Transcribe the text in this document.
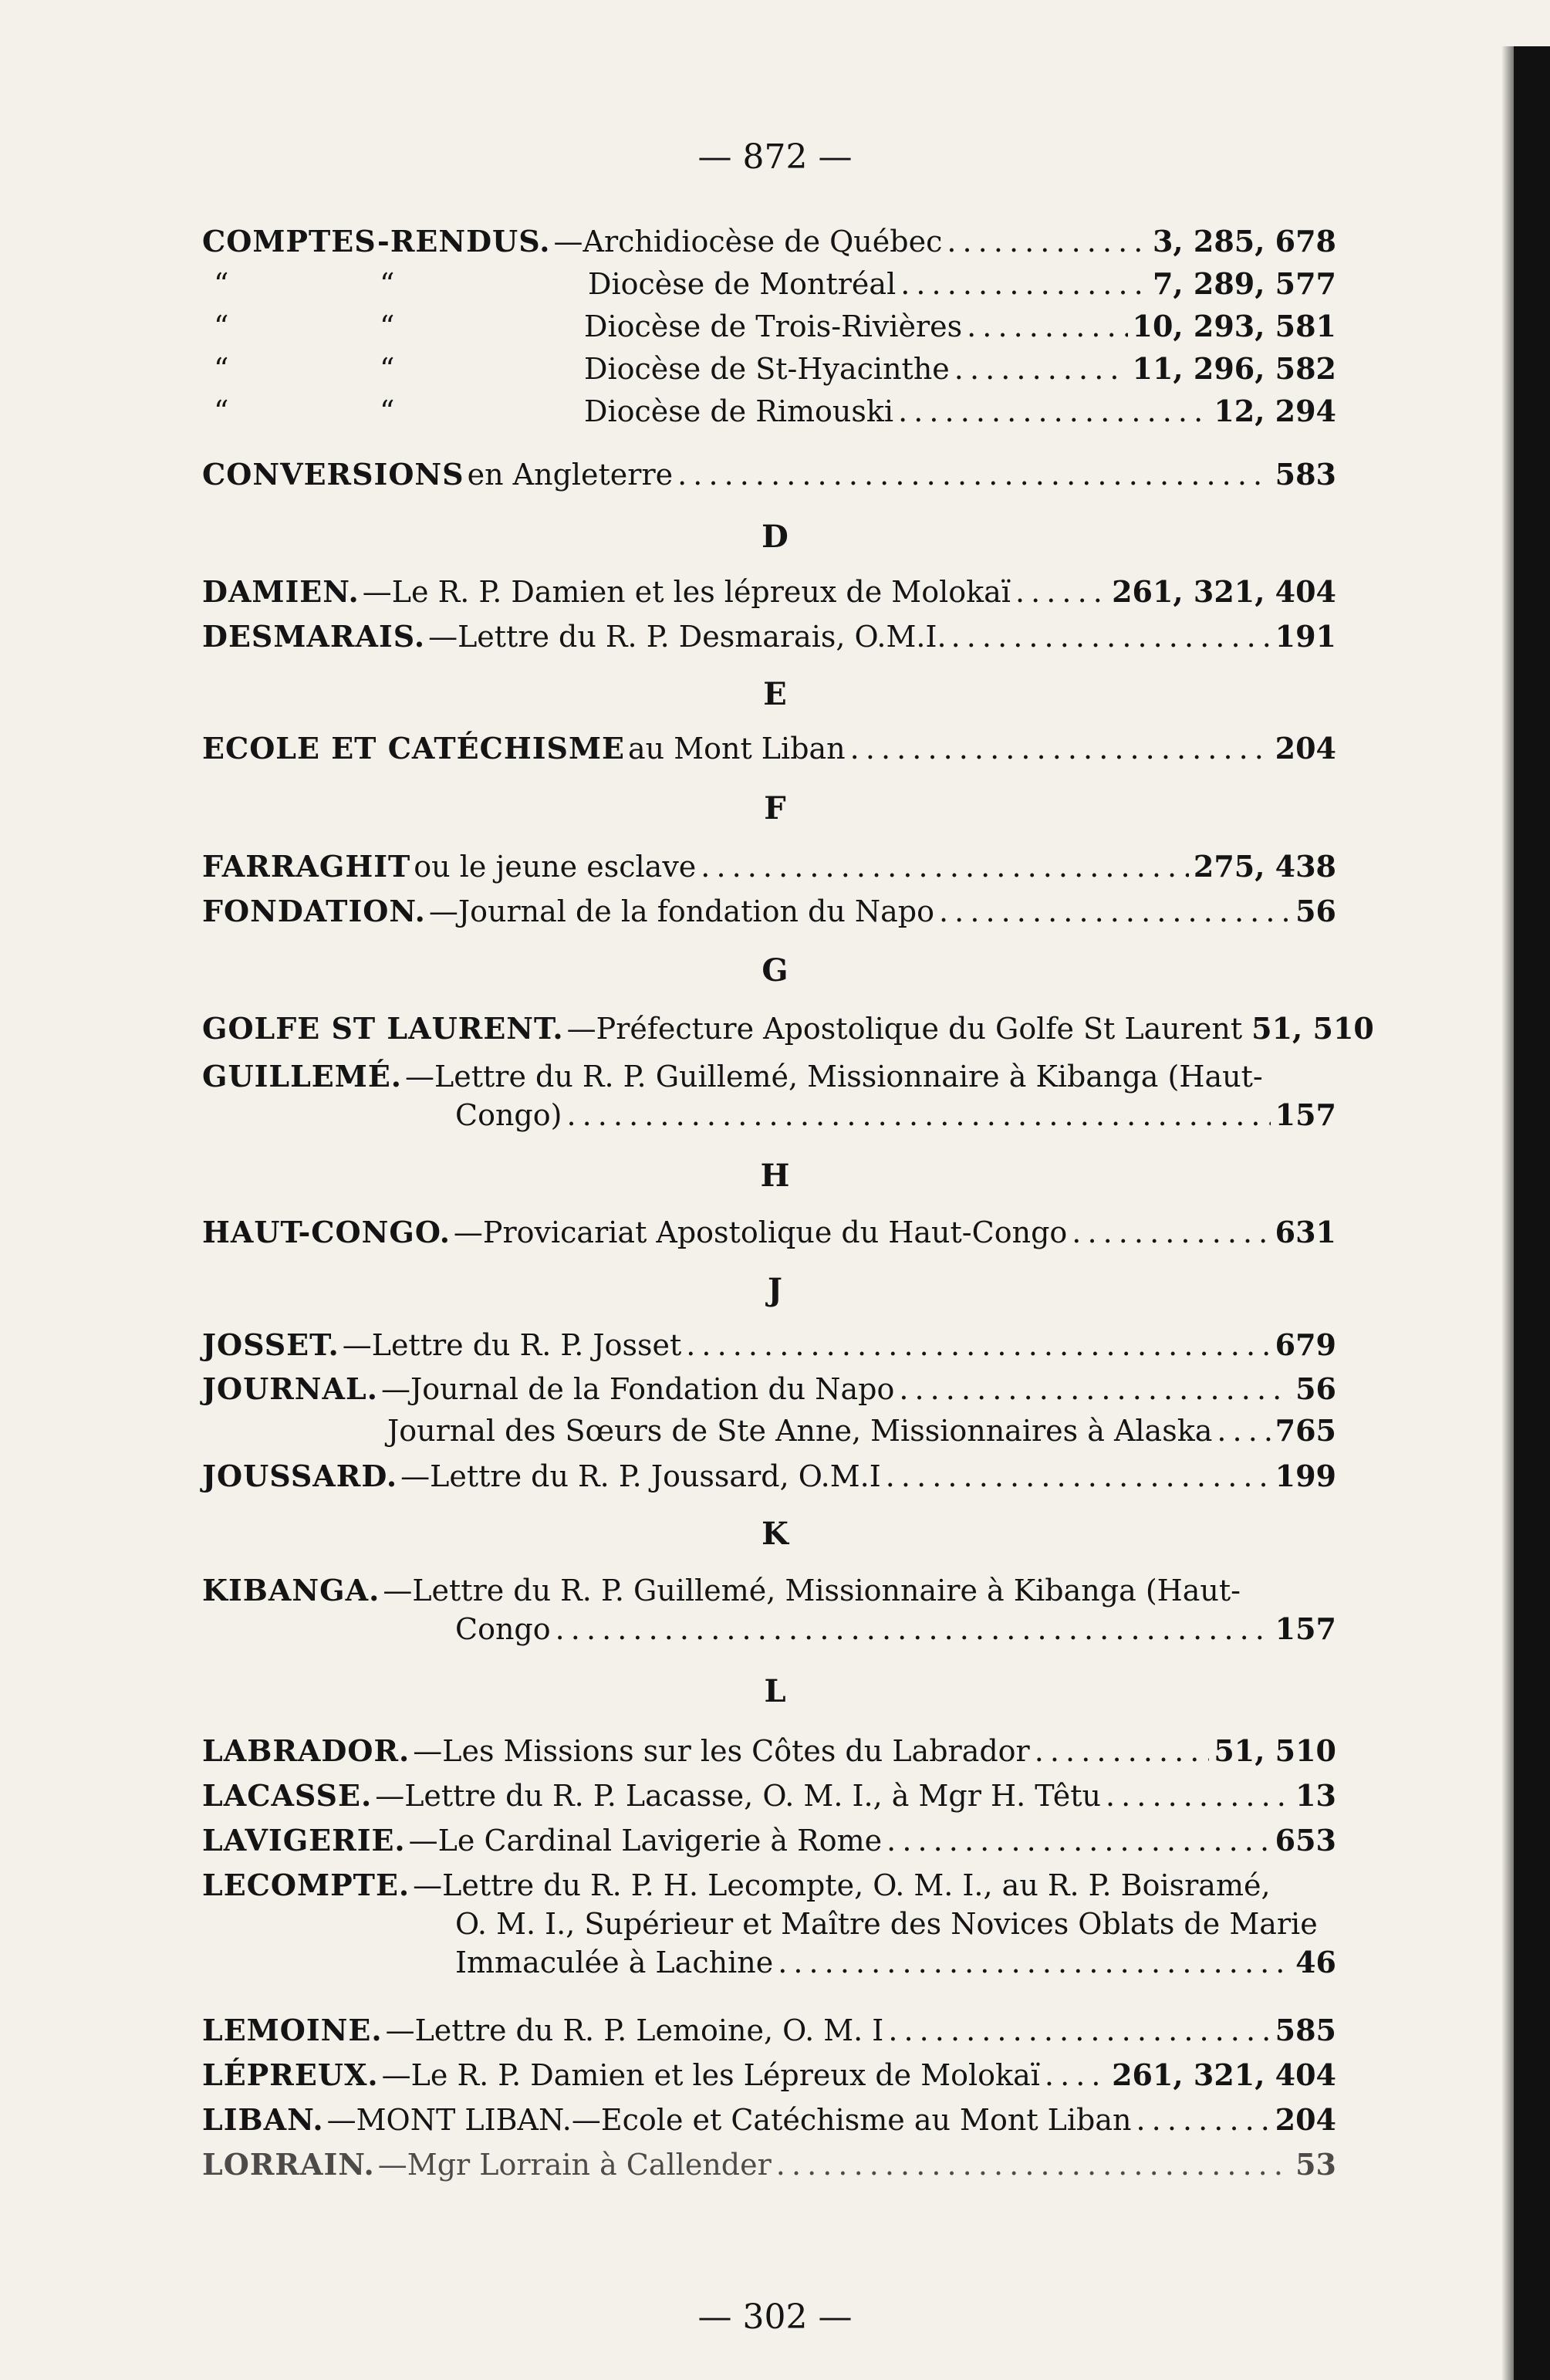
— 872 —
COMPTES-RENDUS. —Archidiocèse de Québec . . .	3, 285, 678
“	“	Diocèse de Montréal . . .	7, 289, 577
“	“	Diocèse de Trois-Rivières . . .	10, 293, 581
“	“	Diocèse de St-Hyacinthe . . .	11, 296, 582
“	“	Diocèse de Rimouski . . .	12, 294
CONVERSIONS en Angleterre . . .	583
D
DAMIEN. —Le R. P. Damien et les lépreux de Molokaï . . .	261, 321, 404
DESMARAIS. —Lettre du R. P. Desmarais, O.M.I. . . .	191
E
ECOLE ET CATÉCHISME au Mont Liban . . .	204
F
FARRAGHIT ou le jeune esclave . . .	275, 438
FONDATION. —Journal de la fondation du Napo . . .	56
G
GOLFE ST LAURENT. —Préfecture Apostolique du Golfe St Laurent 51, 510
GUILLEMÉ. —Lettre du R. P. Guillemé, Missionnaire à Kibanga (Haut-
Congo) . . .	157
H
HAUT-CONGO. —Provicariat Apostolique du Haut-Congo . . .	631
J
JOSSET. —Lettre du R. P. Josset . . .	679
JOURNAL. —Journal de la Fondation du Napo . . .	56
Journal des Sœurs de Ste Anne, Missionnaires à Alaska . . . 765
JOUSSARD. —Lettre du R. P. Joussard, O.M.I . . .	199
K
KIBANGA. —Lettre du R. P. Guillemé, Missionnaire à Kibanga (Haut-
Congo . . .	157
L
LABRADOR. —Les Missions sur les Côtes du Labrador . . .	51, 510
LACASSE. —Lettre du R. P. Lacasse, O. M. I., à Mgr H. Têtu . . .	13
LAVIGERIE. —Le Cardinal Lavigerie à Rome . . .	653
LECOMPTE. —Lettre du R. P. H. Lecompte, O. M. I., au R. P. Boisramé,
O. M. I., Supérieur et Maître des Novices Oblats de Marie
Immaculée à Lachine . . .	46
LEMOINE. —Lettre du R. P. Lemoine, O. M. I . . .	585
LÉPREUX. —Le R. P. Damien et les Lépreux de Molokaï . . . 261, 321, 404
LIBAN. —MONT LIBAN.—Ecole et Catéchisme au Mont Liban . . .	204
LORRAIN. —Mgr Lorrain à Callender . . .	53
— 302 —
